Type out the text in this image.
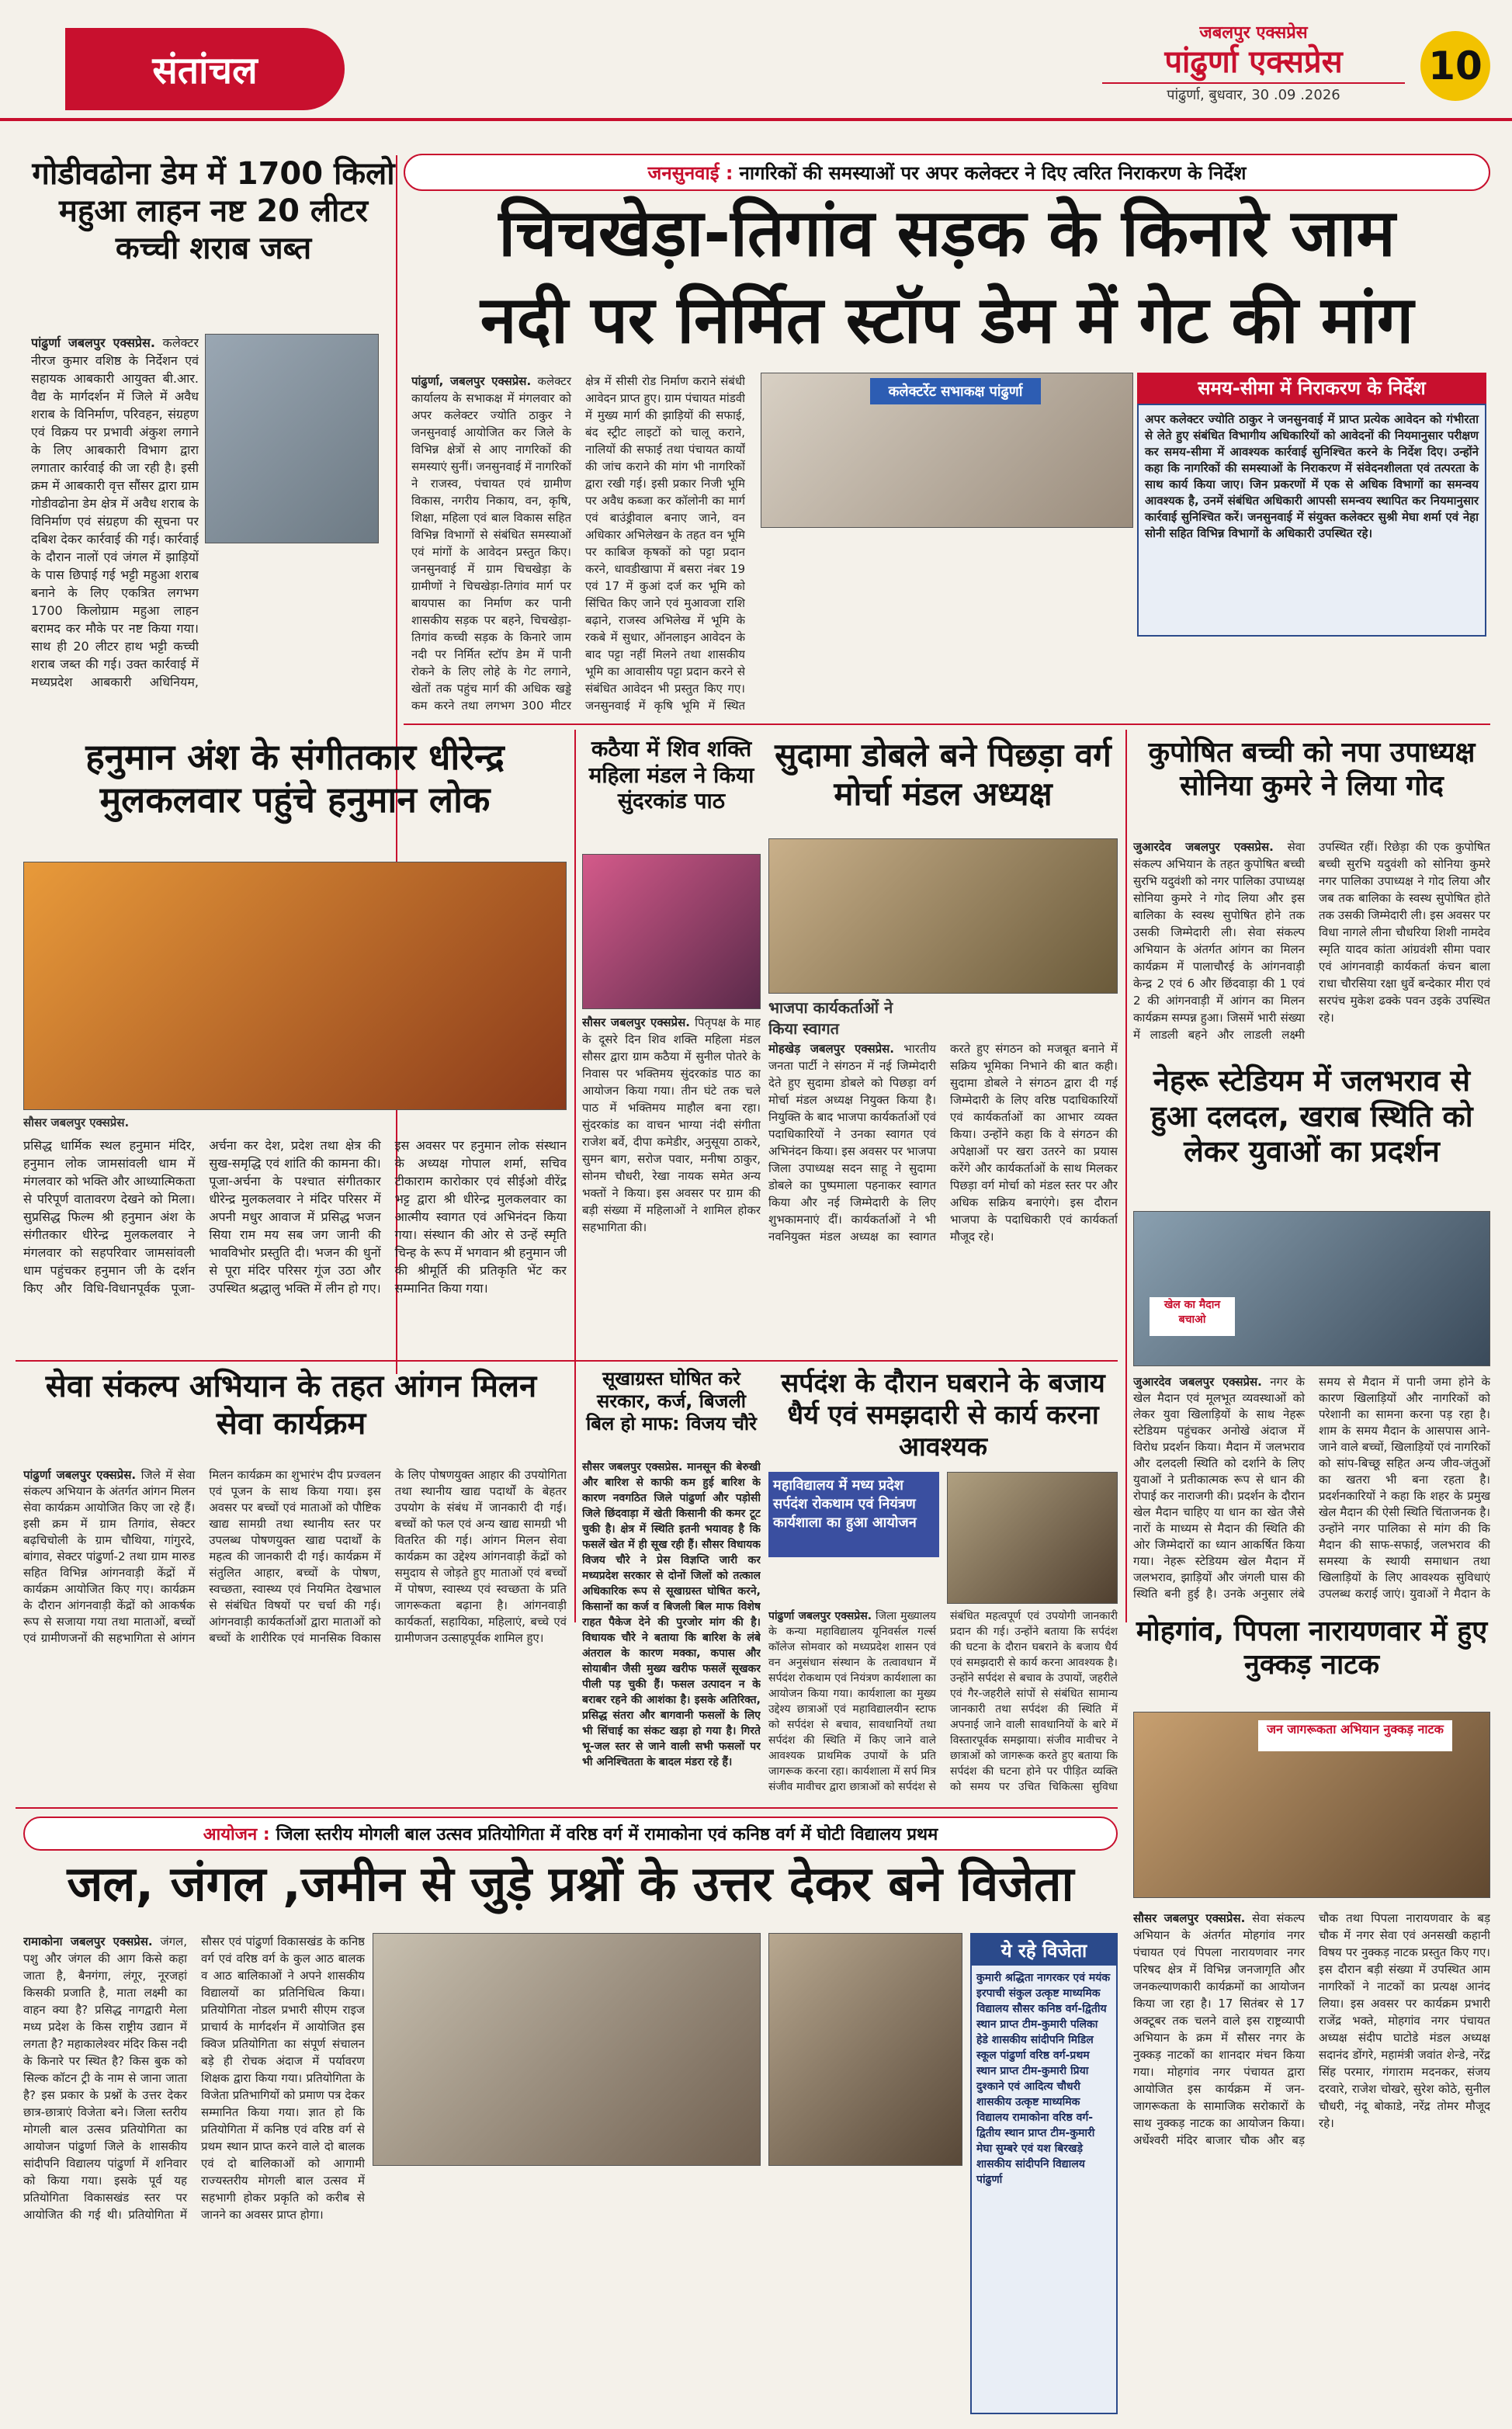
संतांचल
जबलपुर एक्सप्रेस
पांढुर्णा एक्सप्रेस
पांढुर्णा, बुधवार, 30 .09 .2026
10
गोडीवढोना डेम में 1700 किलो महुआ लाहन नष्ट 20 लीटर कच्ची शराब जब्त
पांढुर्णा जबलपुर एक्सप्रेस. कलेक्टर नीरज कुमार वशिष्ठ के निर्देशन एवं सहायक आबकारी आयुक्त बी.आर. वैद्य के मार्गदर्शन में जिले में अवैध शराब के विनिर्माण, परिवहन, संग्रहण एवं विक्रय पर प्रभावी अंकुश लगाने के लिए आबकारी विभाग द्वारा लगातार कार्रवाई की जा रही है। इसी क्रम में आबकारी वृत्त सौंसर द्वारा ग्राम गोडीवढोना डेम क्षेत्र में अवैध शराब के विनिर्माण एवं संग्रहण की सूचना पर दबिश देकर कार्रवाई की गई। कार्रवाई के दौरान नालों एवं जंगल में झाड़ियों के पास छिपाई गई भट्टी महुआ शराब बनाने के लिए एकत्रित लगभग 1700 किलोग्राम महुआ लाहन बरामद कर मौके पर नष्ट किया गया। साथ ही 20 लीटर हाथ भट्टी कच्ची शराब जब्त की गई। उक्त कार्रवाई में मध्यप्रदेश आबकारी अधिनियम,
जनसुनवाई : नागरिकों की समस्याओं पर अपर कलेक्टर ने दिए त्वरित निराकरण के निर्देश
चिचखेड़ा-तिगांव सड़क के किनारे जाम
नदी पर निर्मित स्टॉप डेम में गेट की मांग
पांढुर्णा, जबलपुर एक्सप्रेस. कलेक्टर कार्यालय के सभाकक्ष में मंगलवार को अपर कलेक्टर ज्योति ठाकुर ने जनसुनवाई आयोजित कर जिले के विभिन्न क्षेत्रों से आए नागरिकों की समस्याएं सुनीं। जनसुनवाई में नागरिकों ने राजस्व, पंचायत एवं ग्रामीण विकास, नगरीय निकाय, वन, कृषि, शिक्षा, महिला एवं बाल विकास सहित विभिन्न विभागों से संबंधित समस्याओं एवं मांगों के आवेदन प्रस्तुत किए। जनसुनवाई में ग्राम चिचखेड़ा के ग्रामीणों ने चिचखेड़ा-तिगांव मार्ग पर बायपास का निर्माण कर पानी शासकीय सड़क पर बहने, चिचखेड़ा-तिगांव कच्ची सड़क के किनारे जाम नदी पर निर्मित स्टॉप डेम में पानी रोकने के लिए लोहे के गेट लगाने, खेतों तक पहुंच मार्ग की अधिक खड्डे कम करने तथा लगभग 300 मीटर क्षेत्र में सीसी रोड निर्माण कराने संबंधी आवेदन प्राप्त हुए। ग्राम पंचायत मांडवी में मुख्य मार्ग की झाड़ियों की सफाई, बंद स्ट्रीट लाइटों को चालू कराने, नालियों की सफाई तथा पंचायत कार्यों की जांच कराने की मांग भी नागरिकों द्वारा रखी गई। इसी प्रकार निजी भूमि पर अवैध कब्जा कर कॉलोनी का मार्ग एवं बाउंड्रीवाल बनाए जाने, वन अधिकार अभिलेखन के तहत वन भूमि पर काबिज कृषकों को पट्टा प्रदान करने, धावडीखापा में बसरा नंबर 19 एवं 17 में कुआं दर्ज कर भूमि को सिंचित किए जाने एवं मुआवजा राशि बढ़ाने, राजस्व अभिलेख में भूमि के रकबे में सुधार, ऑनलाइन आवेदन के बाद पट्टा नहीं मिलने तथा शासकीय भूमि का आवासीय पट्टा प्रदान करने से संबंधित आवेदन भी प्रस्तुत किए गए। जनसुनवाई में कृषि भूमि में स्थित
कलेक्टर्रेट सभाकक्ष पांढुर्णा	समय-सीमा में निराकरण के निर्देश
अपर कलेक्टर ज्योति ठाकुर ने जनसुनवाई में प्राप्त प्रत्येक आवेदन को गंभीरता से लेते हुए संबंधित विभागीय अधिकारियों को आवेदनों की नियमानुसार परीक्षण कर समय-सीमा में आवश्यक कार्रवाई सुनिश्चित करने के निर्देश दिए। उन्होंने कहा कि नागरिकों की समस्याओं के निराकरण में संवेदनशीलता एवं तत्परता के साथ कार्य किया जाए। जिन प्रकरणों में एक से अधिक विभागों का समन्वय आवश्यक है, उनमें संबंधित अधिकारी आपसी समन्वय स्थापित कर नियमानुसार कार्रवाई सुनिश्चित करें। जनसुनवाई में संयुक्त कलेक्टर सुश्री मेघा शर्मा एवं नेहा सोनी सहित विभिन्न विभागों के अधिकारी उपस्थित रहे।
हनुमान अंश के संगीतकार धीरेन्द्र मुलकलवार पहुंचे हनुमान लोक
सौसर जबलपुर एक्सप्रेस.
प्रसिद्ध धार्मिक स्थल हनुमान मंदिर, हनुमान लोक जामसांवली धाम में मंगलवार को भक्ति और आध्यात्मिकता से परिपूर्ण वातावरण देखने को मिला। सुप्रसिद्ध फिल्म श्री हनुमान अंश के संगीतकार धीरेन्द्र मुलकलवार ने मंगलवार को सहपरिवार जामसांवली धाम पहुंचकर हनुमान जी के दर्शन किए और विधि-विधानपूर्वक पूजा-अर्चना कर देश, प्रदेश तथा क्षेत्र की सुख-समृद्धि एवं शांति की कामना की। पूजा-अर्चना के पश्चात संगीतकार धीरेन्द्र मुलकलवार ने मंदिर परिसर में अपनी मधुर आवाज में प्रसिद्ध भजन सिया राम मय सब जग जानी की भावविभोर प्रस्तुति दी। भजन की धुनों से पूरा मंदिर परिसर गूंज उठा और उपस्थित श्रद्धालु भक्ति में लीन हो गए। इस अवसर पर हनुमान लोक संस्थान के अध्यक्ष गोपाल शर्मा, सचिव टीकाराम कारोकार एवं सीईओ वीरेंद्र भट्ट द्वारा श्री धीरेन्द्र मुलकलवार का आत्मीय स्वागत एवं अभिनंदन किया गया। संस्थान की ओर से उन्हें स्मृति चिन्ह के रूप में भगवान श्री हनुमान जी की श्रीमूर्ति की प्रतिकृति भेंट कर सम्मानित किया गया।
कठैया में शिव शक्ति महिला मंडल ने किया सुंदरकांड पाठ
सौसर जबलपुर एक्सप्रेस. पितृपक्ष के माह के दूसरे दिन शिव शक्ति महिला मंडल सौसर द्वारा ग्राम कठैया में सुनील पोतरे के निवास पर भक्तिमय सुंदरकांड पाठ का आयोजन किया गया। तीन घंटे तक चले पाठ में भक्तिमय माहौल बना रहा। सुंदरकांड का वाचन भाग्या नंदी संगीता राजेश बर्वे, दीपा कमेडीर, अनुसूया ठाकरे, सुमन बाग, सरोज पवार, मनीषा ठाकुर, सोनम चौधरी, रेखा नायक समेत अन्य भक्तों ने किया। इस अवसर पर ग्राम की बड़ी संख्या में महिलाओं ने शामिल होकर सहभागिता की।
सुदामा डोबले बने पिछड़ा वर्ग मोर्चा मंडल अध्यक्ष
भाजपा कार्यकर्ताओं ने किया स्वागत
मोहखेड़ जबलपुर एक्सप्रेस. भारतीय जनता पार्टी ने संगठन में नई जिम्मेदारी देते हुए सुदामा डोबले को पिछड़ा वर्ग मोर्चा मंडल अध्यक्ष नियुक्त किया है। नियुक्ति के बाद भाजपा कार्यकर्ताओं एवं पदाधिकारियों ने उनका स्वागत एवं अभिनंदन किया। इस अवसर पर भाजपा जिला उपाध्यक्ष सदन साहू ने सुदामा डोबले का पुष्पमाला पहनाकर स्वागत किया और नई जिम्मेदारी के लिए शुभकामनाएं दीं। कार्यकर्ताओं ने भी नवनियुक्त मंडल अध्यक्ष का स्वागत करते हुए संगठन को मजबूत बनाने में सक्रिय भूमिका निभाने की बात कही। सुदामा डोबले ने संगठन द्वारा दी गई जिम्मेदारी के लिए वरिष्ठ पदाधिकारियों एवं कार्यकर्ताओं का आभार व्यक्त किया। उन्होंने कहा कि वे संगठन की अपेक्षाओं पर खरा उतरने का प्रयास करेंगे और कार्यकर्ताओं के साथ मिलकर पिछड़ा वर्ग मोर्चा को मंडल स्तर पर और अधिक सक्रिय बनाएंगे। इस दौरान भाजपा के पदाधिकारी एवं कार्यकर्ता मौजूद रहे।
कुपोषित बच्ची को नपा उपाध्यक्ष सोनिया कुमरे ने लिया गोद
जुआरदेव जबलपुर एक्सप्रेस. सेवा संकल्प अभियान के तहत कुपोषित बच्ची सुरभि यदुवंशी को नगर पालिका उपाध्यक्ष सोनिया कुमरे ने गोद लिया और इस बालिका के स्वस्थ सुपोषित होने तक उसकी जिम्मेदारी ली। सेवा संकल्प अभियान के अंतर्गत आंगन का मिलन कार्यक्रम में पालाचौरई के आंगनवाड़ी केन्द्र 2 एवं 6 और छिंदवाड़ा की 1 एवं 2 की आंगनवाड़ी में आंगन का मिलन कार्यक्रम सम्पन्न हुआ। जिसमें भारी संख्या में लाडली बहने और लाडली लक्ष्मी उपस्थित रहीं। रिछेड़ा की एक कुपोषित बच्ची सुरभि यदुवंशी को सोनिया कुमरे नगर पालिका उपाध्यक्ष ने गोद लिया और जब तक बालिका के स्वस्थ सुपोषित होते तक उसकी जिम्मेदारी ली। इस अवसर पर विधा नागले लीना चौधरिया शिशी नामदेव स्मृति यादव कांता आंग्रवंशी सीमा पवार एवं आंगनवाड़ी कार्यकर्ता कंचन बाला राधा चौरसिया रक्षा धुर्वे बन्देकार मीरा एवं सरपंच मुकेश ढक्के पवन उइके उपस्थित रहे।
नेहरू स्टेडियम में जलभराव से हुआ दलदल, खराब स्थिति को लेकर युवाओं का प्रदर्शन
खेल का मैदान बचाओ
जुआरदेव जबलपुर एक्सप्रेस. नगर के खेल मैदान एवं मूलभूत व्यवस्थाओं को लेकर युवा खिलाड़ियों के साथ नेहरू स्टेडियम पहुंचकर अनोखे अंदाज में विरोध प्रदर्शन किया। मैदान में जलभराव और दलदली स्थिति को दर्शाने के लिए युवाओं ने प्रतीकात्मक रूप से धान की रोपाई कर नाराजगी की। प्रदर्शन के दौरान खेल मैदान चाहिए या धान का खेत जैसे नारों के माध्यम से मैदान की स्थिति की ओर जिम्मेदारों का ध्यान आकर्षित किया गया। नेहरू स्टेडियम खेल मैदान में जलभराव, झाड़ियों और जंगली घास की स्थिति बनी हुई है। उनके अनुसार लंबे समय से मैदान में पानी जमा होने के कारण खिलाड़ियों और नागरिकों को परेशानी का सामना करना पड़ रहा है। शाम के समय मैदान के आसपास आने-जाने वाले बच्चों, खिलाड़ियों एवं नागरिकों को सांप-बिच्छू सहित अन्य जीव-जंतुओं का खतरा भी बना रहता है। प्रदर्शनकारियों ने कहा कि शहर के प्रमुख खेल मैदान की ऐसी स्थिति चिंताजनक है। उन्होंने नगर पालिका से मांग की कि मैदान की साफ-सफाई, जलभराव की समस्या के स्थायी समाधान तथा खिलाड़ियों के लिए आवश्यक सुविधाएं उपलब्ध कराई जाएं। युवाओं ने मैदान के
सेवा संकल्प अभियान के तहत आंगन मिलन सेवा कार्यक्रम
पांढुर्णा जबलपुर एक्सप्रेस. जिले में सेवा संकल्प अभियान के अंतर्गत आंगन मिलन सेवा कार्यक्रम आयोजित किए जा रहे हैं। इसी क्रम में ग्राम तिगांव, सेक्टर बढ़चिचोली के ग्राम चौथिया, गांगुरदे, बांगाव, सेक्टर पांढुर्णा-2 तथा ग्राम मारुड सहित विभिन्न आंगनवाड़ी केंद्रों में कार्यक्रम आयोजित किए गए। कार्यक्रम के दौरान आंगनवाड़ी केंद्रों को आकर्षक रूप से सजाया गया तथा माताओं, बच्चों एवं ग्रामीणजनों की सहभागिता से आंगन मिलन कार्यक्रम का शुभारंभ दीप प्रज्वलन एवं पूजन के साथ किया गया। इस अवसर पर बच्चों एवं माताओं को पौष्टिक खाद्य सामग्री तथा स्थानीय स्तर पर उपलब्ध पोषणयुक्त खाद्य पदार्थों के महत्व की जानकारी दी गई। कार्यक्रम में संतुलित आहार, बच्चों के पोषण, स्वच्छता, स्वास्थ्य एवं नियमित देखभाल से संबंधित विषयों पर चर्चा की गई। आंगनवाड़ी कार्यकर्ताओं द्वारा माताओं को बच्चों के शारीरिक एवं मानसिक विकास के लिए पोषणयुक्त आहार की उपयोगिता तथा स्थानीय खाद्य पदार्थों के बेहतर उपयोग के संबंध में जानकारी दी गई। बच्चों को फल एवं अन्य खाद्य सामग्री भी वितरित की गई। आंगन मिलन सेवा कार्यक्रम का उद्देश्य आंगनवाड़ी केंद्रों को समुदाय से जोड़ते हुए माताओं एवं बच्चों में पोषण, स्वास्थ्य एवं स्वच्छता के प्रति जागरूकता बढ़ाना है। आंगनवाड़ी कार्यकर्ता, सहायिका, महिलाएं, बच्चे एवं ग्रामीणजन उत्साहपूर्वक शामिल हुए।
सूखाग्रस्त घोषित करे सरकार, कर्ज, बिजली बिल हो माफ: विजय चौरे
सौसर जबलपुर एक्सप्रेस. मानसून की बेरुखी और बारिश से काफी कम हुई बारिश के कारण नवगठित जिले पांढुर्णा और पड़ोसी जिले छिंदवाड़ा में खेती किसानी की कमर टूट चुकी है। क्षेत्र में स्थिति इतनी भयावह है कि फसलें खेत में ही सूख रही हैं। सौसर विधायक विजय चौरे ने प्रेस विज्ञप्ति जारी कर मध्यप्रदेश सरकार से दोनों जिलों को तत्काल अधिकारिक रूप से सूखाग्रस्त घोषित करने, किसानों का कर्ज व बिजली बिल माफ विशेष राहत पैकेज देने की पुरजोर मांग की है। विधायक चौरे ने बताया कि बारिश के लंबे अंतराल के कारण मक्का, कपास और सोयाबीन जैसी मुख्य खरीफ फसलें सूखकर पीली पड़ चुकी हैं। फसल उत्पादन न के बराबर रहने की आशंका है। इसके अतिरिक्त, प्रसिद्ध संतरा और बागवानी फसलों के लिए भी सिंचाई का संकट खड़ा हो गया है। गिरते भू-जल स्तर से जाने वाली सभी फसलों पर भी अनिश्चितता के बादल मंडरा रहे हैं।
सर्पदंश के दौरान घबराने के बजाय धैर्य एवं समझदारी से कार्य करना आवश्यक
महाविद्यालय में मध्य प्रदेश सर्पदंश रोकथाम एवं नियंत्रण कार्यशाला का हुआ आयोजन
पांढुर्णा जबलपुर एक्सप्रेस. जिला मुख्यालय के कन्या महाविद्यालय यूनिवर्सल गर्ल्स कॉलेज सोमवार को मध्यप्रदेश शासन एवं वन अनुसंधान संस्थान के तत्वावधान में सर्पदंश रोकथाम एवं नियंत्रण कार्यशाला का आयोजन किया गया। कार्यशाला का मुख्य उद्देश्य छात्राओं एवं महाविद्यालयीन स्टाफ को सर्पदंश से बचाव, सावधानियों तथा सर्पदंश की स्थिति में किए जाने वाले आवश्यक प्राथमिक उपायों के प्रति जागरूक करना रहा। कार्यशाला में सर्प मित्र संजीव मावीचर द्वारा छात्राओं को सर्पदंश से संबंधित महत्वपूर्ण एवं उपयोगी जानकारी प्रदान की गई। उन्होंने बताया कि सर्पदंश की घटना के दौरान घबराने के बजाय धैर्य एवं समझदारी से कार्य करना आवश्यक है। उन्होंने सर्पदंश से बचाव के उपायों, जहरीले एवं गैर-जहरीले सांपों से संबंधित सामान्य जानकारी तथा सर्पदंश की स्थिति में अपनाई जाने वाली सावधानियों के बारे में विस्तारपूर्वक समझाया। संजीव मावीचर ने छात्राओं को जागरूक करते हुए बताया कि सर्पदंश की घटना होने पर पीड़ित व्यक्ति को समय पर उचित चिकित्सा सुविधा
मोहगांव, पिपला नारायणवार में हुए नुक्कड़ नाटक
जन जागरूकता अभियान नुक्कड़ नाटक
सौसर जबलपुर एक्सप्रेस. सेवा संकल्प अभियान के अंतर्गत मोहगांव नगर पंचायत एवं पिपला नारायणवार नगर परिषद क्षेत्र में विभिन्न जनजागृति और जनकल्याणकारी कार्यक्रमों का आयोजन किया जा रहा है। 17 सितंबर से 17 अक्टूबर तक चलने वाले इस राष्ट्रव्यापी अभियान के क्रम में सौसर नगर के नुक्कड़ नाटकों का शानदार मंचन किया गया। मोहगांव नगर पंचायत द्वारा आयोजित इस कार्यक्रम में जन-जागरूकता के सामाजिक सरोकारों के साथ नुक्कड़ नाटक का आयोजन किया। अर्धेश्वरी मंदिर बाजार चौक और बड़ चौक तथा पिपला नारायणवार के बड़ चौक में नगर सेवा एवं अनसखी कहानी विषय पर नुक्कड़ नाटक प्रस्तुत किए गए। इस दौरान बड़ी संख्या में उपस्थित आम नागरिकों ने नाटकों का प्रत्यक्ष आनंद लिया। इस अवसर पर कार्यक्रम प्रभारी राजेंद्र भक्ते, मोहगांव नगर पंचायत अध्यक्ष संदीप घाटोडे मंडल अध्यक्ष सदानंद डोंगरे, महामंत्री जवांत शेन्डे, नरेंद्र सिंह परमार, गंगाराम मदनकर, संजय दरवारे, राजेश चोखरे, सुरेश कोठे, सुनील चौधरी, नंदू बोकाडे, नरेंद्र तोमर मौजूद रहे।
आयोजन : जिला स्तरीय मोगली बाल उत्सव प्रतियोगिता में वरिष्ठ वर्ग में रामाकोना एवं कनिष्ठ वर्ग में घोटी विद्यालय प्रथम
जल, जंगल ,जमीन से जुड़े प्रश्नों के उत्तर देकर बने विजेता
रामाकोना जबलपुर एक्सप्रेस. जंगल, पशु और जंगल की आग किसे कहा जाता है, बैनगंगा, लंगूर, नूरजहां किसकी प्रजाति है, माता लक्ष्मी का वाहन क्या है? प्रसिद्ध नागद्वारी मेला मध्य प्रदेश के किस राष्ट्रीय उद्यान में लगता है? महाकालेश्वर मंदिर किस नदी के किनारे पर स्थित है? किस बुक को सिल्क कॉटन ट्री के नाम से जाना जाता है? इस प्रकार के प्रश्नों के उत्तर देकर छात्र-छात्राएं विजेता बने। जिला स्तरीय मोगली बाल उत्सव प्रतियोगिता का आयोजन पांढुर्णा जिले के शासकीय सांदीपनि विद्यालय पांढुर्णा में शनिवार को किया गया। इसके पूर्व यह प्रतियोगिता विकासखंड स्तर पर आयोजित की गई थी। प्रतियोगिता में सौसर एवं पांढुर्णा विकासखंड के कनिष्ठ वर्ग एवं वरिष्ठ वर्ग के कुल आठ बालक व आठ बालिकाओं ने अपने शासकीय विद्यालयों का प्रतिनिधित्व किया। प्रतियोगिता नोडल प्रभारी सीएम राइज प्राचार्य के मार्गदर्शन में आयोजित इस क्विज प्रतियोगिता का संपूर्ण संचालन बड़े ही रोचक अंदाज में पर्यावरण शिक्षक द्वारा किया गया। प्रतियोगिता के विजेता प्रतिभागियों को प्रमाण पत्र देकर सम्मानित किया गया। ज्ञात हो कि प्रतियोगिता में कनिष्ठ एवं वरिष्ठ वर्ग से प्रथम स्थान प्राप्त करने वाले दो बालक एवं दो बालिकाओं को आगामी राज्यस्तरीय मोगली बाल उत्सव में सहभागी होकर प्रकृति को करीब से जानने का अवसर प्राप्त होगा।
ये रहे विजेता
कुमारी श्रद्धिता नागरकर एवं मयंक इरपाची संकुल उत्कृष्ट माध्यमिक विद्यालय सौसर कनिष्ठ वर्ग-द्वितीय स्थान प्राप्त टीम-कुमारी पलिका हेडे शासकीय सांदीपनि मिडिल स्कूल पांढुर्णा वरिष्ठ वर्ग-प्रथम स्थान प्राप्त टीम-कुमारी प्रिया दुश्काने एवं आदित्य चौधरी शासकीय उत्कृष्ट माध्यमिक विद्यालय रामाकोना वरिष्ठ वर्ग-द्वितीय स्थान प्राप्त टीम-कुमारी मेघा सुम्बरे एवं यश बिरखड़े शासकीय सांदीपनि विद्यालय पांढुर्णा
